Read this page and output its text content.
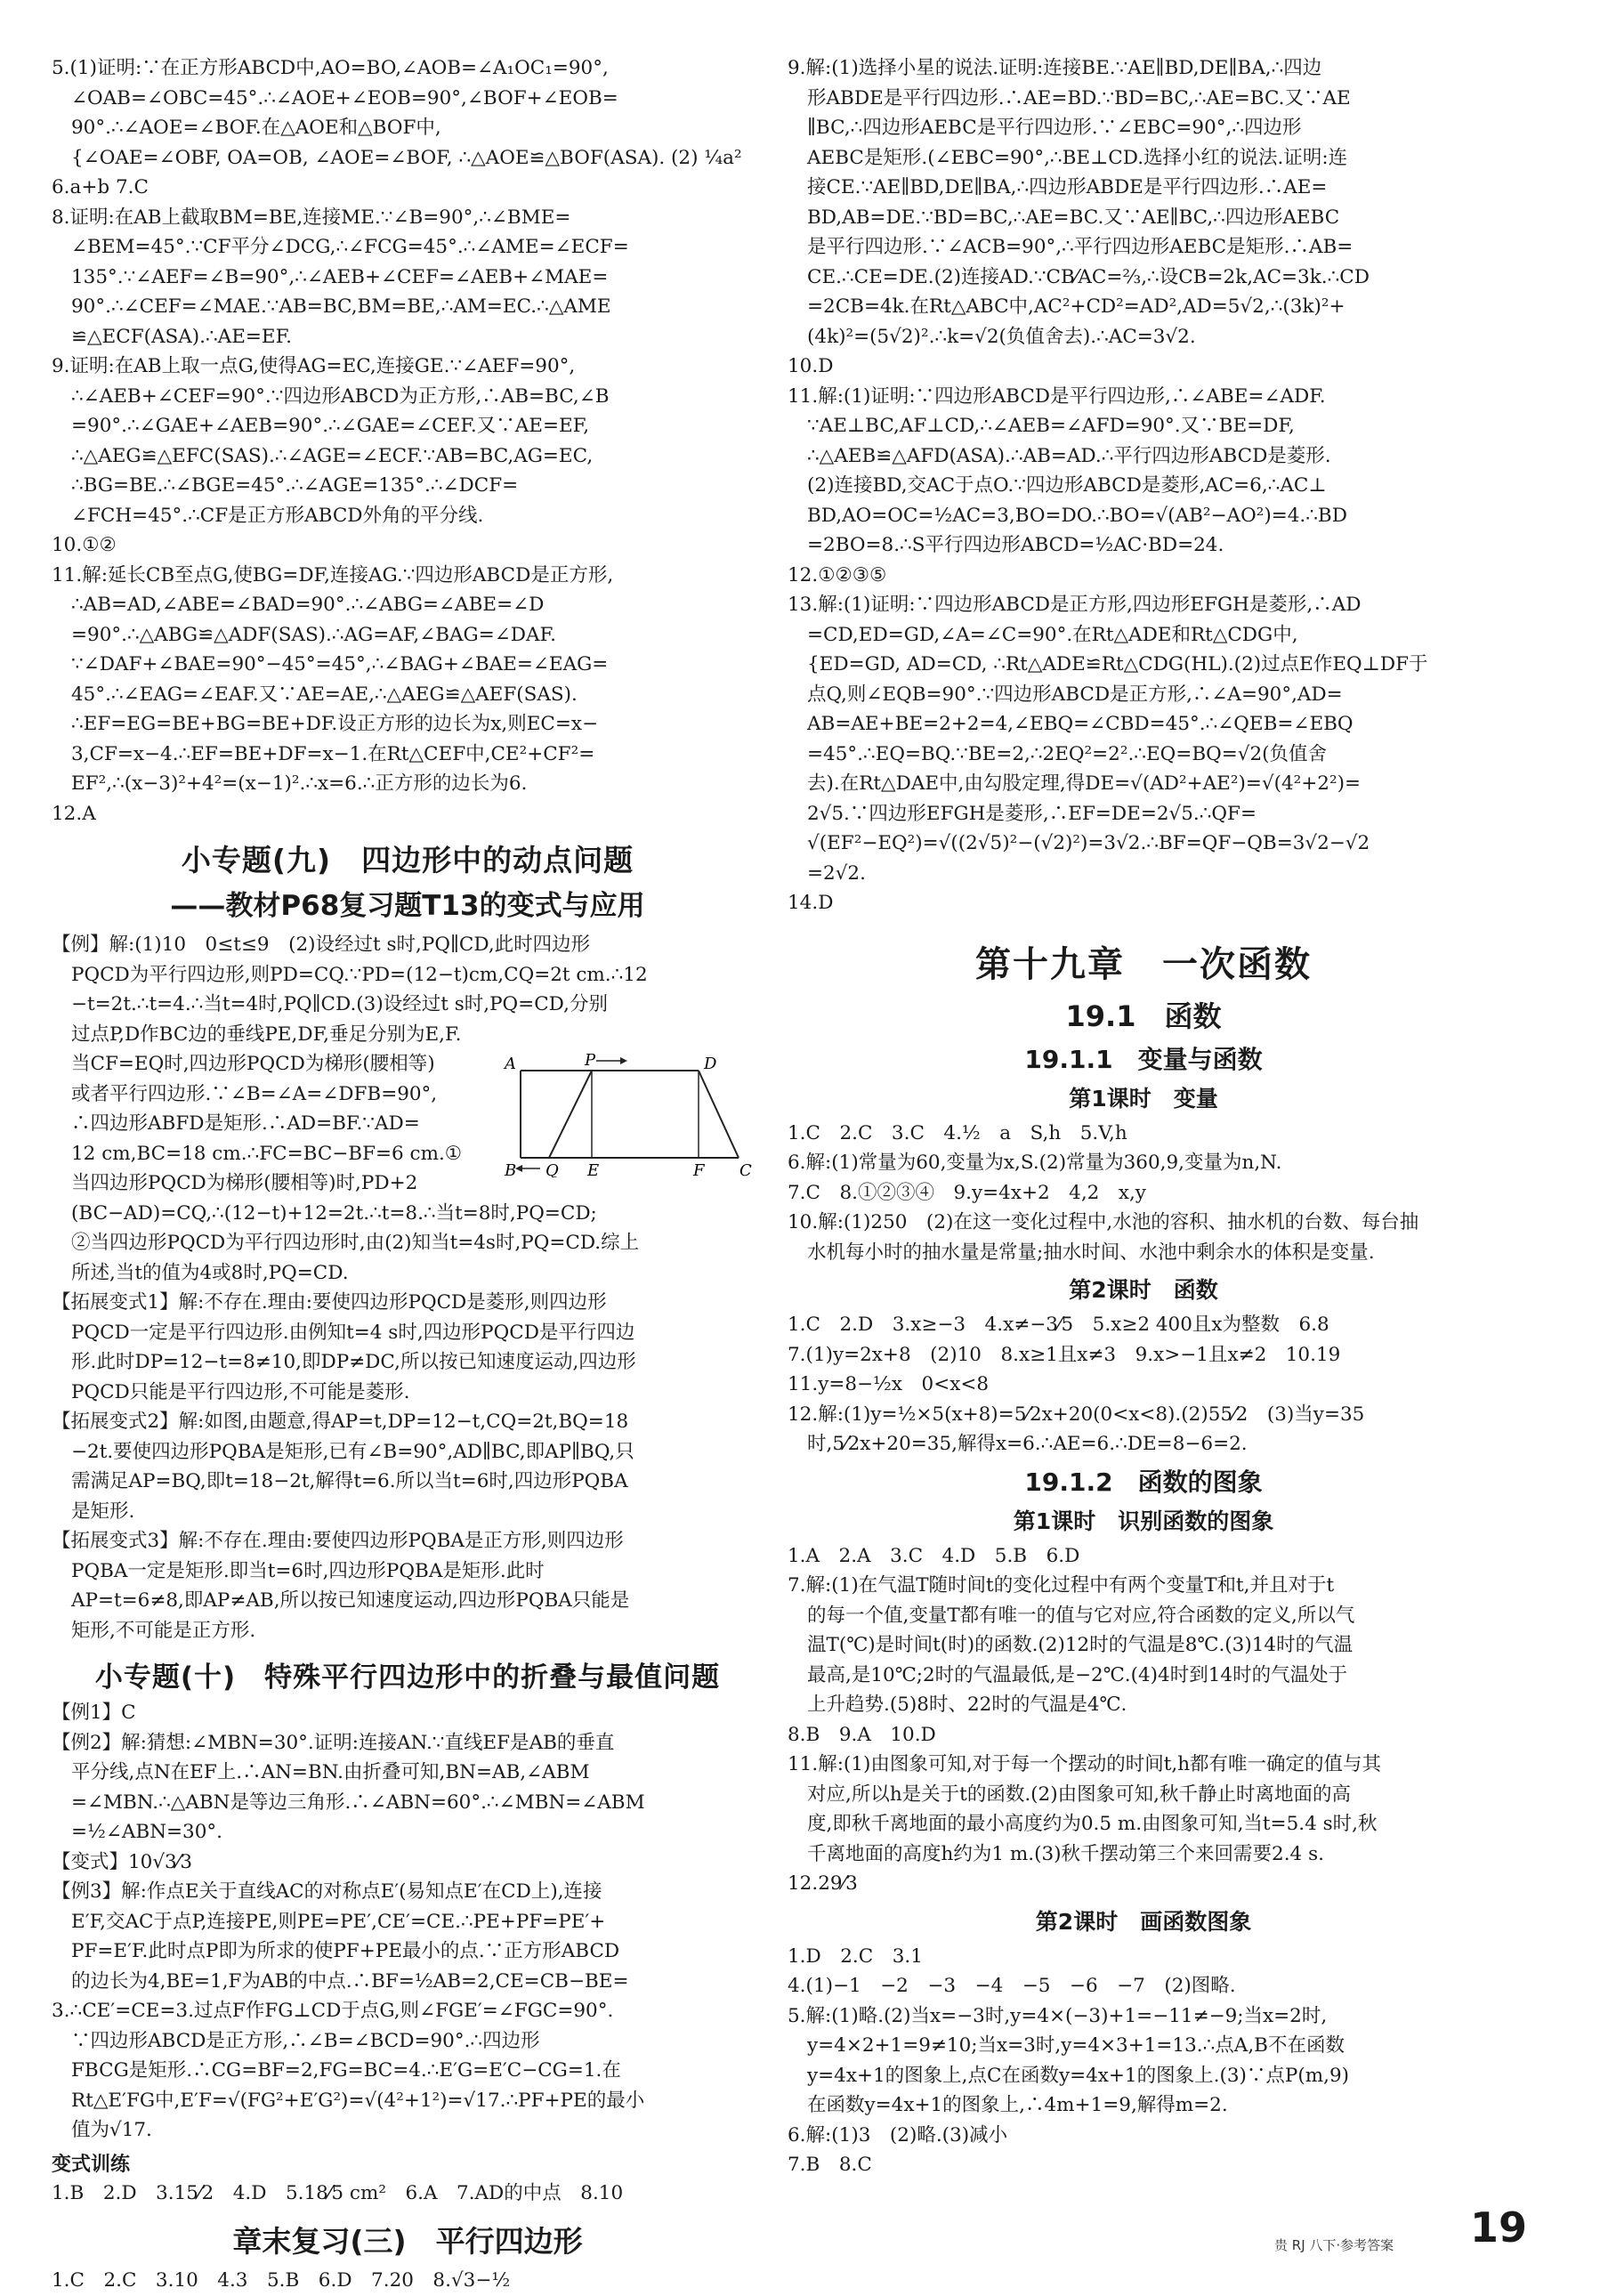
5.(1)证明:∵在正方形ABCD中,AO=BO,∠AOB=∠A₁OC₁=90°,

∠OAB=∠OBC=45°.∴∠AOE+∠EOB=90°,∠BOF+∠EOB=

90°.∴∠AOE=∠BOF.在△AOE和△BOF中,

{∠OAE=∠OBF, OA=OB, ∠AOE=∠BOF, ∴△AOE≌△BOF(ASA). (2) ¼a²

6.a+b 7.C

8.证明:在AB上截取BM=BE,连接ME.∵∠B=90°,∴∠BME=

∠BEM=45°.∵CF平分∠DCG,∴∠FCG=45°.∴∠AME=∠ECF=

135°.∵∠AEF=∠B=90°,∴∠AEB+∠CEF=∠AEB+∠MAE=

90°.∴∠CEF=∠MAE.∵AB=BC,BM=BE,∴AM=EC.∴△AME

≌△ECF(ASA).∴AE=EF.

9.证明:在AB上取一点G,使得AG=EC,连接GE.∵∠AEF=90°,

∴∠AEB+∠CEF=90°.∵四边形ABCD为正方形,∴AB=BC,∠B

=90°.∴∠GAE+∠AEB=90°.∴∠GAE=∠CEF.又∵AE=EF,

∴△AEG≌△EFC(SAS).∴∠AGE=∠ECF.∵AB=BC,AG=EC,

∴BG=BE.∴∠BGE=45°.∴∠AGE=135°.∴∠DCF=

∠FCH=45°.∴CF是正方形ABCD外角的平分线.

10.①②

11.解:延长CB至点G,使BG=DF,连接AG.∵四边形ABCD是正方形,

∴AB=AD,∠ABE=∠BAD=90°.∴∠ABG=∠ABE=∠D

=90°.∴△ABG≌△ADF(SAS).∴AG=AF,∠BAG=∠DAF.

∵∠DAF+∠BAE=90°−45°=45°,∴∠BAG+∠BAE=∠EAG=

45°.∴∠EAG=∠EAF.又∵AE=AE,∴△AEG≌△AEF(SAS).

∴EF=EG=BE+BG=BE+DF.设正方形的边长为x,则EC=x−

3,CF=x−4.∴EF=BE+DF=x−1.在Rt△CEF中,CE²+CF²=

EF²,∴(x−3)²+4²=(x−1)².∴x=6.∴正方形的边长为6.

12.A

小专题(九)　四边形中的动点问题
——教材P68复习题T13的变式与应用

【例】解:(1)10　0≤t≤9　(2)设经过t s时,PQ∥CD,此时四边形

PQCD为平行四边形,则PD=CQ.∵PD=(12−t)cm,CQ=2t cm.∴12

−t=2t.∴t=4.∴当t=4时,PQ∥CD.(3)设经过t s时,PQ=CD,分别

过点P,D作BC边的垂线PE,DF,垂足分别为E,F.

A	P	D
B Q E	F C

当CF=EQ时,四边形PQCD为梯形(腰相等)

或者平行四边形.∵∠B=∠A=∠DFB=90°,

∴四边形ABFD是矩形.∴AD=BF.∵AD=

12 cm,BC=18 cm.∴FC=BC−BF=6 cm.①

当四边形PQCD为梯形(腰相等)时,PD+2

(BC−AD)=CQ,∴(12−t)+12=2t.∴t=8.∴当t=8时,PQ=CD;

②当四边形PQCD为平行四边形时,由(2)知当t=4s时,PQ=CD.综上

所述,当t的值为4或8时,PQ=CD.

【拓展变式1】解:不存在.理由:要使四边形PQCD是菱形,则四边形

PQCD一定是平行四边形.由例知t=4 s时,四边形PQCD是平行四边

形.此时DP=12−t=8≠10,即DP≠DC,所以按已知速度运动,四边形

PQCD只能是平行四边形,不可能是菱形.

【拓展变式2】解:如图,由题意,得AP=t,DP=12−t,CQ=2t,BQ=18

−2t.要使四边形PQBA是矩形,已有∠B=90°,AD∥BC,即AP∥BQ,只

需满足AP=BQ,即t=18−2t,解得t=6.所以当t=6时,四边形PQBA

是矩形.

【拓展变式3】解:不存在.理由:要使四边形PQBA是正方形,则四边形

PQBA一定是矩形.即当t=6时,四边形PQBA是矩形.此时

AP=t=6≠8,即AP≠AB,所以按已知速度运动,四边形PQBA只能是

矩形,不可能是正方形.

小专题(十)　特殊平行四边形中的折叠与最值问题

【例1】C

【例2】解:猜想:∠MBN=30°.证明:连接AN.∵直线EF是AB的垂直

平分线,点N在EF上.∴AN=BN.由折叠可知,BN=AB,∠ABM

=∠MBN.∴△ABN是等边三角形.∴∠ABN=60°.∴∠MBN=∠ABM

=½∠ABN=30°.

【变式】10√3⁄3

【例3】解:作点E关于直线AC的对称点E′(易知点E′在CD上),连接

E′F,交AC于点P,连接PE,则PE=PE′,CE′=CE.∴PE+PF=PE′+

PF=E′F.此时点P即为所求的使PF+PE最小的点.∵正方形ABCD

的边长为4,BE=1,F为AB的中点.∴BF=½AB=2,CE=CB−BE=

3.∴CE′=CE=3.过点F作FG⊥CD于点G,则∠FGE′=∠FGC=90°.

∵四边形ABCD是正方形,∴∠B=∠BCD=90°.∴四边形

FBCG是矩形.∴CG=BF=2,FG=BC=4.∴E′G=E′C−CG=1.在

Rt△E′FG中,E′F=√(FG²+E′G²)=√(4²+1²)=√17.∴PF+PE的最小

值为√17.

变式训练

1.B　2.D　3.15⁄2　4.D　5.18⁄5 cm²　6.A　7.AD的中点　8.10

章末复习(三)　平行四边形

1.C　2.C　3.10　4.3　5.B　6.D　7.20　8.√3−½

9.解:(1)选择小星的说法.证明:连接BE.∵AE∥BD,DE∥BA,∴四边

形ABDE是平行四边形.∴AE=BD.∵BD=BC,∴AE=BC.又∵AE

∥BC,∴四边形AEBC是平行四边形.∵∠EBC=90°,∴四边形

AEBC是矩形.(∠EBC=90°,∴BE⊥CD.选择小红的说法.证明:连

接CE.∵AE∥BD,DE∥BA,∴四边形ABDE是平行四边形.∴AE=

BD,AB=DE.∵BD=BC,∴AE=BC.又∵AE∥BC,∴四边形AEBC

是平行四边形.∵∠ACB=90°,∴平行四边形AEBC是矩形.∴AB=

CE.∴CE=DE.(2)连接AD.∵CB⁄AC=⅔,∴设CB=2k,AC=3k.∴CD

=2CB=4k.在Rt△ABC中,AC²+CD²=AD²,AD=5√2,∴(3k)²+

(4k)²=(5√2)².∴k=√2(负值舍去).∴AC=3√2.

10.D

11.解:(1)证明:∵四边形ABCD是平行四边形,∴∠ABE=∠ADF.

∵AE⊥BC,AF⊥CD,∴∠AEB=∠AFD=90°.又∵BE=DF,

∴△AEB≌△AFD(ASA).∴AB=AD.∴平行四边形ABCD是菱形.

(2)连接BD,交AC于点O.∵四边形ABCD是菱形,AC=6,∴AC⊥

BD,AO=OC=½AC=3,BO=DO.∴BO=√(AB²−AO²)=4.∴BD

=2BO=8.∴S平行四边形ABCD=½AC·BD=24.

12.①②③⑤

13.解:(1)证明:∵四边形ABCD是正方形,四边形EFGH是菱形,∴AD

=CD,ED=GD,∠A=∠C=90°.在Rt△ADE和Rt△CDG中,

{ED=GD, AD=CD, ∴Rt△ADE≌Rt△CDG(HL).(2)过点E作EQ⊥DF于

点Q,则∠EQB=90°.∵四边形ABCD是正方形,∴∠A=90°,AD=

AB=AE+BE=2+2=4,∠EBQ=∠CBD=45°.∴∠QEB=∠EBQ

=45°.∴EQ=BQ.∵BE=2,∴2EQ²=2².∴EQ=BQ=√2(负值舍

去).在Rt△DAE中,由勾股定理,得DE=√(AD²+AE²)=√(4²+2²)=

2√5.∵四边形EFGH是菱形,∴EF=DE=2√5.∴QF=

√(EF²−EQ²)=√((2√5)²−(√2)²)=3√2.∴BF=QF−QB=3√2−√2

=2√2.

14.D

第十九章　一次函数
19.1　函数
19.1.1　变量与函数
第1课时　变量

1.C　2.C　3.C　4.½　a　S,h　5.V,h

6.解:(1)常量为60,变量为x,S.(2)常量为360,9,变量为n,N.

7.C　8.①②③④　9.y=4x+2　4,2　x,y

10.解:(1)250　(2)在这一变化过程中,水池的容积、抽水机的台数、每台抽

水机每小时的抽水量是常量;抽水时间、水池中剩余水的体积是变量.

第2课时　函数

1.C　2.D　3.x≥−3　4.x≠−3⁄5　5.x≥2 400且x为整数　6.8

7.(1)y=2x+8　(2)10　8.x≥1且x≠3　9.x>−1且x≠2　10.19

11.y=8−½x　0<x<8

12.解:(1)y=½×5(x+8)=5⁄2x+20(0<x<8).(2)55⁄2　(3)当y=35

时,5⁄2x+20=35,解得x=6.∴AE=6.∴DE=8−6=2.

19.1.2　函数的图象
第1课时　识别函数的图象

1.A　2.A　3.C　4.D　5.B　6.D

7.解:(1)在气温T随时间t的变化过程中有两个变量T和t,并且对于t

的每一个值,变量T都有唯一的值与它对应,符合函数的定义,所以气

温T(℃)是时间t(时)的函数.(2)12时的气温是8℃.(3)14时的气温

最高,是10℃;2时的气温最低,是−2℃.(4)4时到14时的气温处于

上升趋势.(5)8时、22时的气温是4℃.

8.B　9.A　10.D

11.解:(1)由图象可知,对于每一个摆动的时间t,h都有唯一确定的值与其

对应,所以h是关于t的函数.(2)由图象可知,秋千静止时离地面的高

度,即秋千离地面的最小高度约为0.5 m.由图象可知,当t=5.4 s时,秋

千离地面的高度h约为1 m.(3)秋千摆动第三个来回需要2.4 s.

12.29⁄3

第2课时　画函数图象

1.D　2.C　3.1

4.(1)−1　−2　−3　−4　−5　−6　−7　(2)图略.

5.解:(1)略.(2)当x=−3时,y=4×(−3)+1=−11≠−9;当x=2时,

y=4×2+1=9≠10;当x=3时,y=4×3+1=13.∴点A,B不在函数

y=4x+1的图象上,点C在函数y=4x+1的图象上.(3)∵点P(m,9)

在函数y=4x+1的图象上,∴4m+1=9,解得m=2.

6.解:(1)3　(2)略.(3)减小

7.B　8.C

贵 RJ 八下·参考答案 19
